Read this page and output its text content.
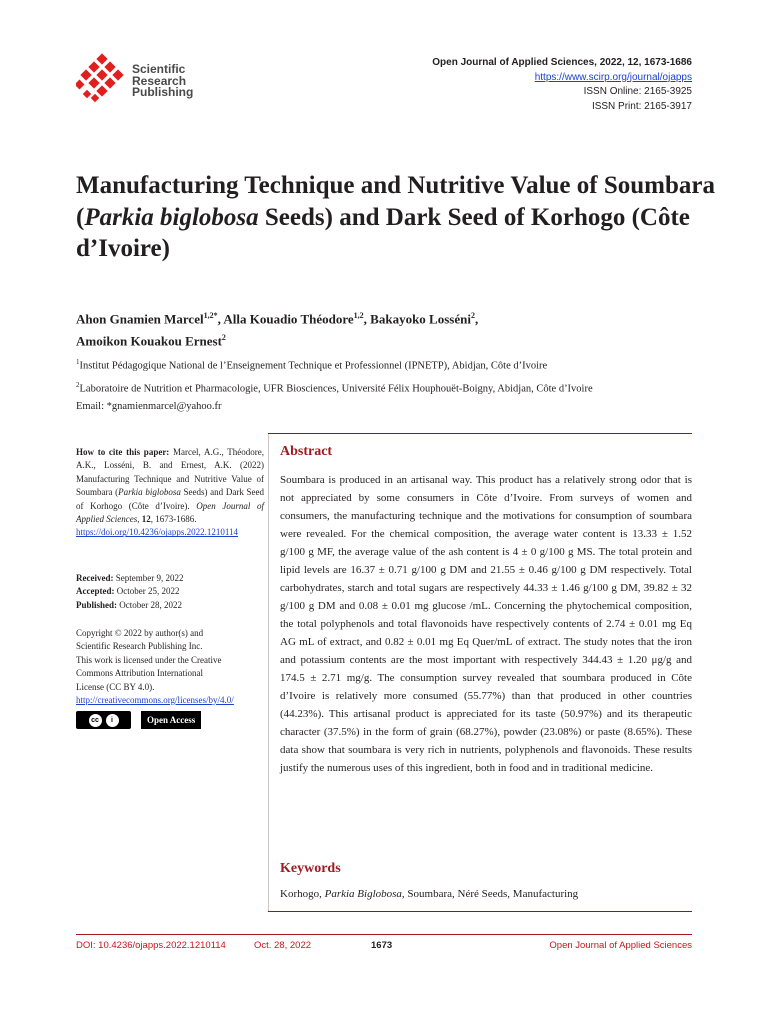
Scientific
Research
Publishing
Open Journal of Applied Sciences, 2022, 12, 1673-1686
https://www.scirp.org/journal/ojapps
ISSN Online: 2165-3925
ISSN Print: 2165-3917
Manufacturing Technique and Nutritive Value of Soumbara (Parkia biglobosa Seeds) and Dark Seed of Korhogo (Côte d’Ivoire)
Ahon Gnamien Marcel$^{1,2*}$, Alla Kouadio Théodore$^{1,2}$, Bakayoko Losséni$^2$,
Amoikon Kouakou Ernest$^2$
$^1$Institut Pédagogique National de l’Enseignement Technique et Professionnel (IPNETP), Abidjan, Côte d’Ivoire
$^2$Laboratoire de Nutrition et Pharmacologie, UFR Biosciences, Université Félix Houphouët-Boigny, Abidjan, Côte d’Ivoire
Email: *gnamienmarcel@yahoo.fr
How to cite this paper: Marcel, A.G., Théodore, A.K., Losséni, B. and Ernest, A.K. (2022) Manufacturing Technique and Nutritive Value of Soumbara (Parkia biglobosa Seeds) and Dark Seed of Korhogo (Côte d’Ivoire). Open Journal of Applied Sciences, 12, 1673-1686.
https://doi.org/10.4236/ojapps.2022.1210114
Received: September 9, 2022
Accepted: October 25, 2022
Published: October 28, 2022
Copyright © 2022 by author(s) and
Scientific Research Publishing Inc.
This work is licensed under the Creative
Commons Attribution International
License (CC BY 4.0).
http://creativecommons.org/licenses/by/4.0/
cc	i	Open Access
Abstract
Soumbara is produced in an artisanal way. This product has a relatively strong odor that is not appreciated by some consumers in Côte d’Ivoire. From surveys of women and consumers, the manufacturing technique and the motivations for consumption of soumbara were revealed. For the chemical composition, the average water content is 13.33 ± 1.52 g/100 g MF, the average value of the ash content is 4 ± 0 g/100 g MS. The total protein and lipid levels are 16.37 ± 0.71 g/100 g DM and 21.55 ± 0.46 g/100 g DM respectively. Total carbohydrates, starch and total sugars are respectively 44.33 ± 1.46 g/100 g DM, 39.82 ± 32 g/100 g DM and 0.08 ± 0.01 mg glucose /mL. Concerning the phytochemical composition, the total polyphenols and total flavonoids have respectively contents of 2.74 ± 0.01 mg Eq AG mL of extract, and 0.82 ± 0.01 mg Eq Quer/mL of extract. The study notes that the iron and potassium contents are the most important with respectively 344.43 ± 1.20 μg/g and 174.5 ± 2.71 mg/g. The consumption survey revealed that soumbara produced in Côte d’Ivoire is relatively more consumed (55.77%) than that produced in other countries (44.23%). This artisanal product is appreciated for its taste (50.97%) and its therapeutic character (37.5%) in the form of grain (68.27%), powder (23.08%) or paste (8.65%). These data show that soumbara is very rich in nutrients, polyphenols and flavonoids. These results justify the numerous uses of this ingredient, both in food and in traditional medicine.
Keywords
Korhogo, Parkia Biglobosa, Soumbara, Néré Seeds, Manufacturing
DOI: 10.4236/ojapps.2022.1210114	Oct. 28, 2022	1673	Open Journal of Applied Sciences
